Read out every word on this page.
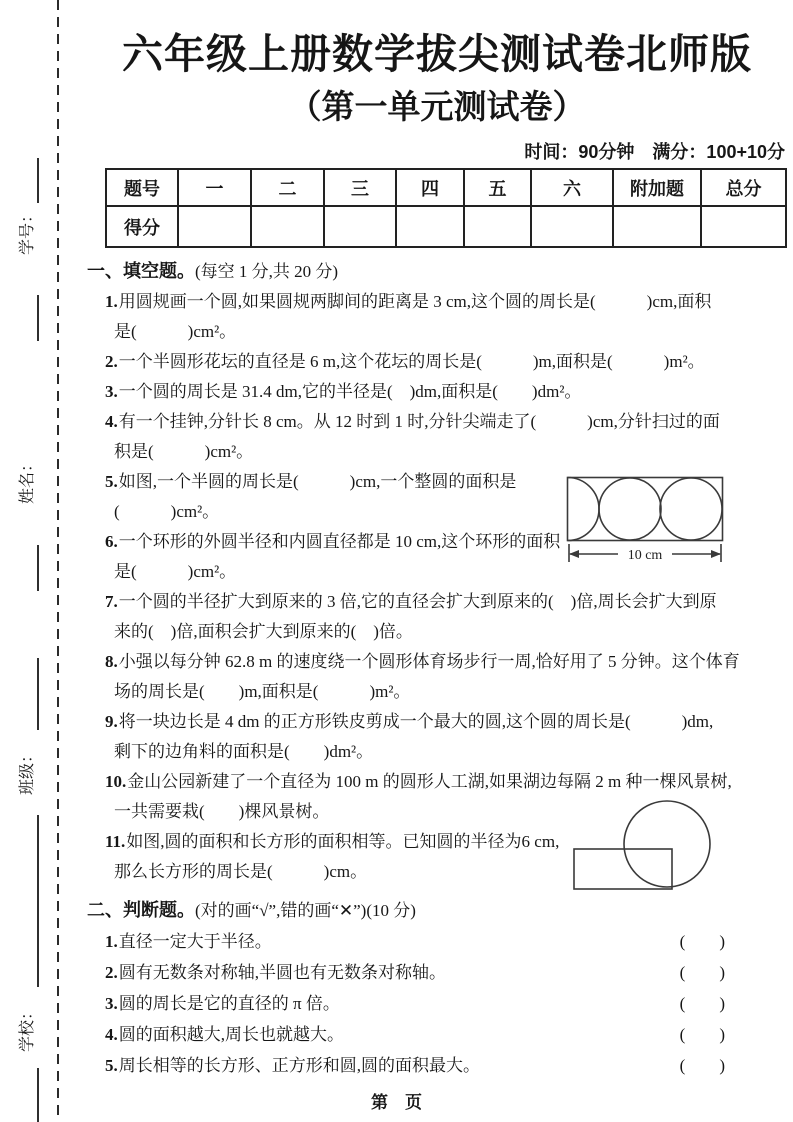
学号：
姓名：
班级：
学校：
六年级上册数学拔尖测试卷北师版
（第一单元测试卷）
时间：90分钟　满分：100+10分
题号	一	二	三	四	五	六	附加题	总分
得分								
一、填空题。(每空 1 分,共 20 分)
1.用圆规画一个圆,如果圆规两脚间的距离是 3 cm,这个圆的周长是(　　　)cm,面积
是(　　　)cm²。
2.一个半圆形花坛的直径是 6 m,这个花坛的周长是(　　　)m,面积是(　　　)m²。
3.一个圆的周长是 31.4 dm,它的半径是(　)dm,面积是(　　)dm²。
4.有一个挂钟,分针长 8 cm。从 12 时到 1 时,分针尖端走了(　　　)cm,分针扫过的面
积是(　　　)cm²。
5.如图,一个半圆的周长是(　　　)cm,一个整圆的面积是
(　　　)cm²。
6.一个环形的外圆半径和内圆直径都是 10 cm,这个环形的面积
是(　　　)cm²。
7.一个圆的半径扩大到原来的 3 倍,它的直径会扩大到原来的(　)倍,周长会扩大到原
来的(　)倍,面积会扩大到原来的(　)倍。
8.小强以每分钟 62.8 m 的速度绕一个圆形体育场步行一周,恰好用了 5 分钟。这个体育
场的周长是(　　)m,面积是(　　　)m²。
9.将一块边长是 4 dm 的正方形铁皮剪成一个最大的圆,这个圆的周长是(　　　)dm,
剩下的边角料的面积是(　　)dm²。
10.金山公园新建了一个直径为 100 m 的圆形人工湖,如果湖边每隔 2 m 种一棵风景树,
一共需要栽(　　)棵风景树。
11.如图,圆的面积和长方形的面积相等。已知圆的半径为6 cm,
那么长方形的周长是(　　　)cm。
二、判断题。(对的画“√”,错的画“✕”)(10 分)
1.直径一定大于半径。	(　　)
2.圆有无数条对称轴,半圆也有无数条对称轴。	(　　)
3.圆的周长是它的直径的 π 倍。	(　　)
4.圆的面积越大,周长也就越大。	(　　)
5.周长相等的长方形、正方形和圆,圆的面积最大。	(　　)
10 cm
第　页
